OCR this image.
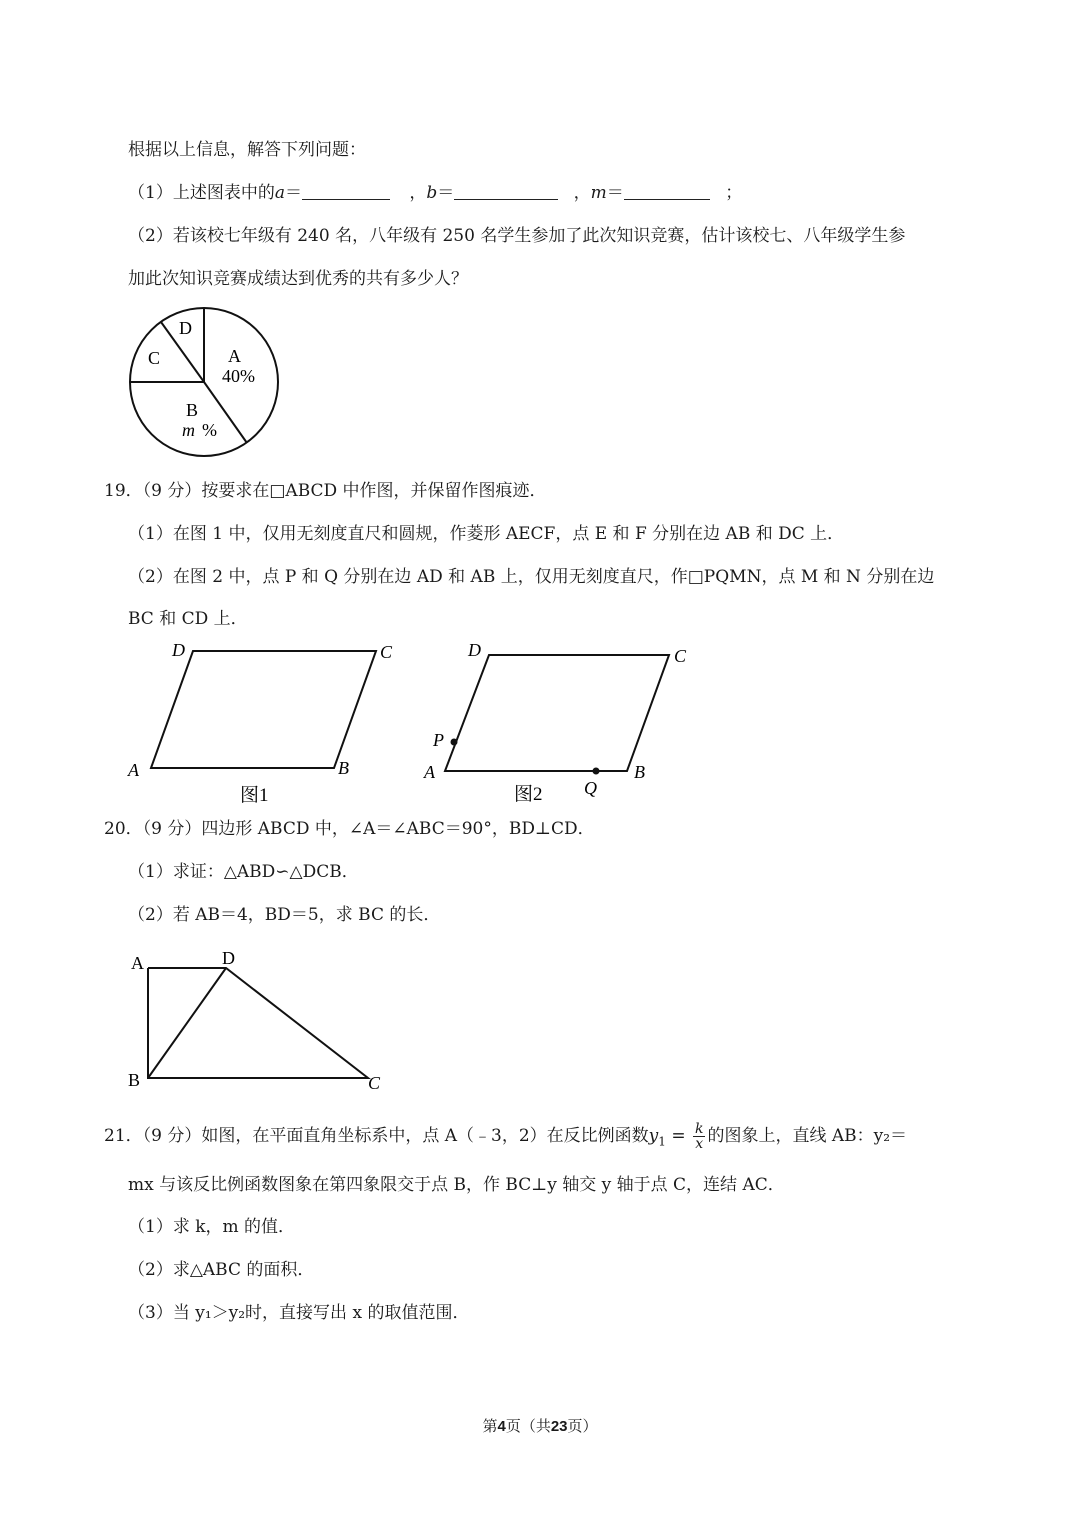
根据以上信息，解答下列问题：
（1）上述图表中的a＝	，b＝	，m＝	；
（2）若该校七年级有 240 名，八年级有 250 名学生参加了此次知识竞赛，估计该校七、八年级学生参
加此次知识竞赛成绩达到优秀的共有多少人？
D
C	A
40%
B
m %
19．（9 分）按要求在□ABCD 中作图，并保留作图痕迹．
（1）在图 1 中，仅用无刻度直尺和圆规，作菱形 AECF，点 E 和 F 分别在边 AB 和 DC 上．
（2）在图 2 中，点 P 和 Q 分别在边 AD 和 AB 上，仅用无刻度直尺，作□PQMN，点 M 和 N 分别在边
BC 和 CD 上．
D	C
A	B
图1
D	C
P
A	B
Q
图2
20．（9 分）四边形 ABCD 中，∠A＝∠ABC＝90°，BD⊥CD．
（1）求证：△ABD∽△DCB．
（2）若 AB＝4，BD＝5，求 BC 的长．
A	D
B	C
21．（9 分）如图，在平面直角坐标系中，点 A（﹣3，2）在反比例函数$y_1 = \frac{k}{x}$ 的图象上，直线 AB：y₂＝
mx 与该反比例函数图象在第四象限交于点 B，作 BC⊥y 轴交 y 轴于点 C，连结 AC．
（1）求 k，m 的值．
（2）求△ABC 的面积．
（3）当 y₁＞y₂时，直接写出 x 的取值范围．
第4页（共23页）
